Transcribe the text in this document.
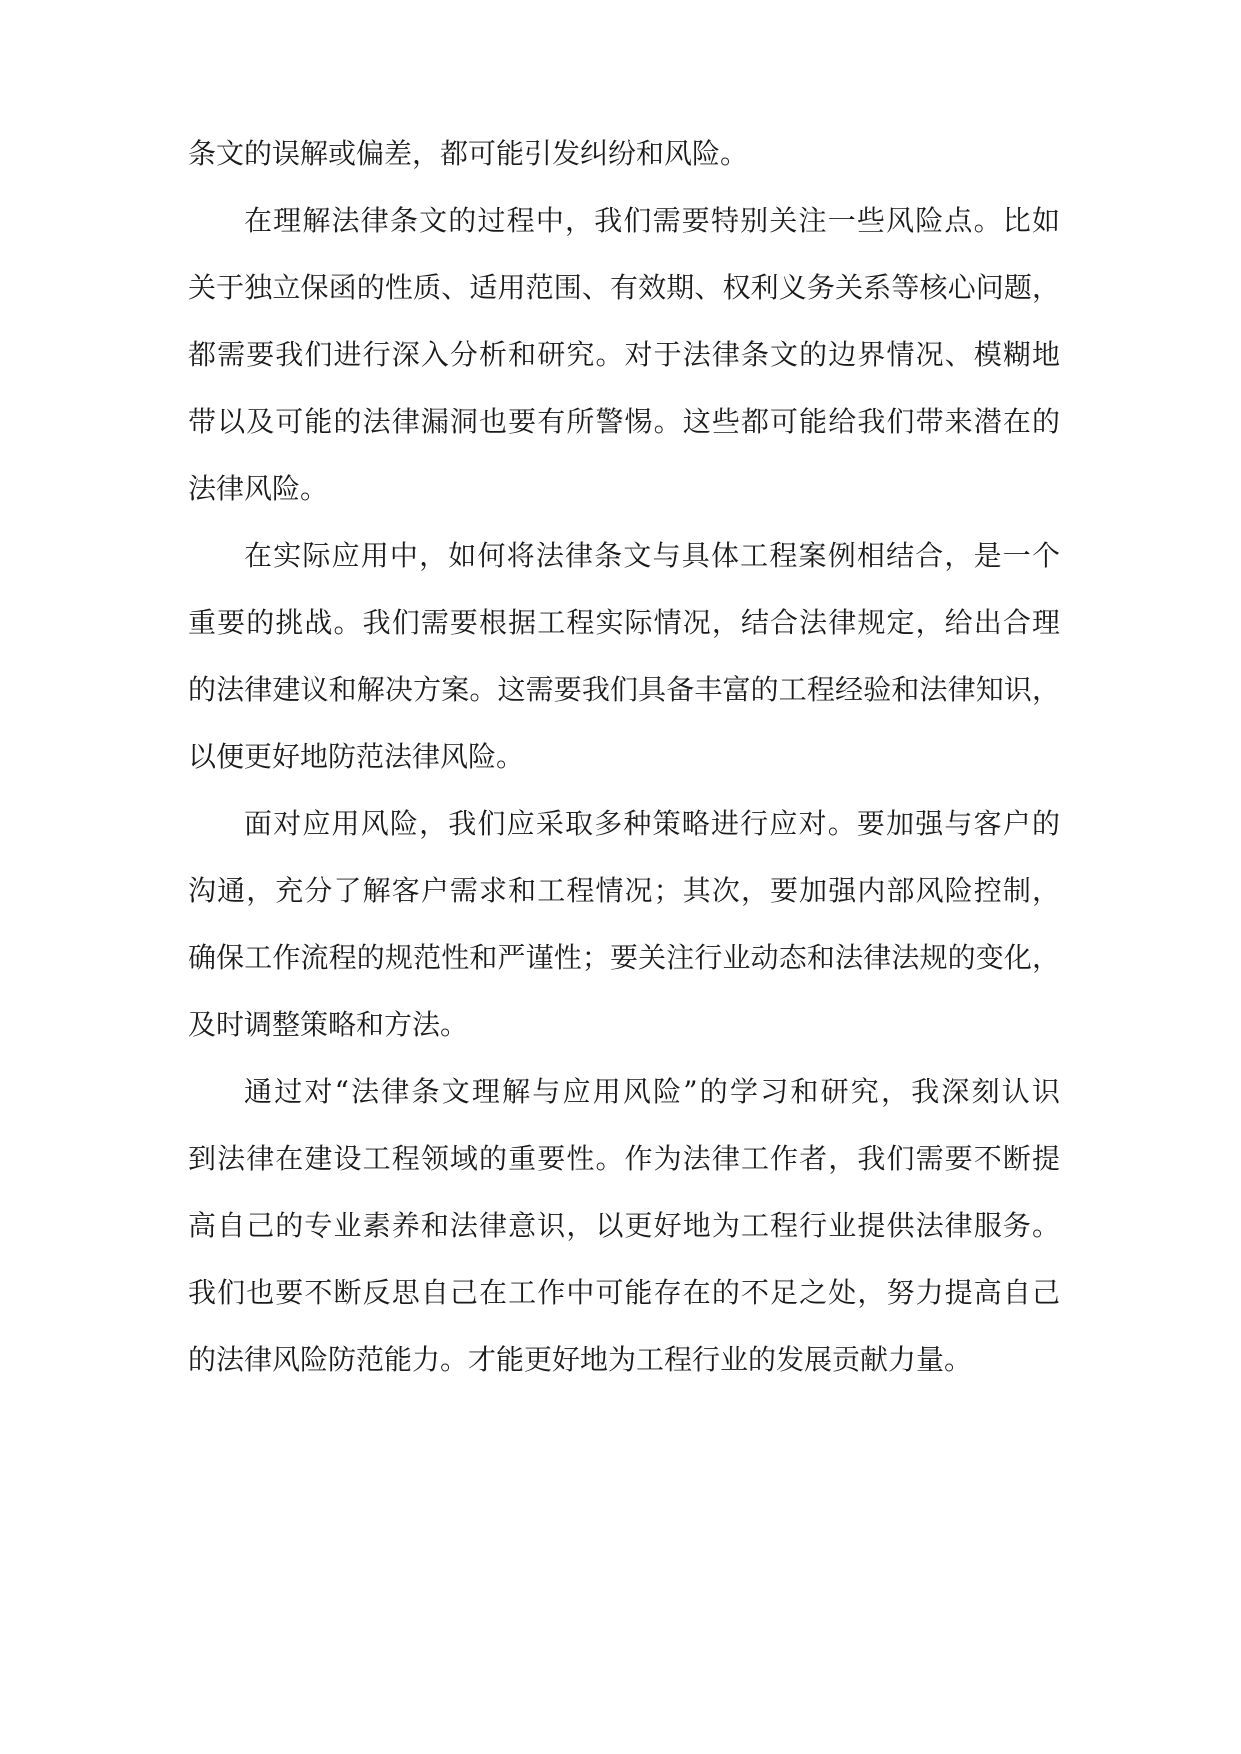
条文的误解或偏差，都可能引发纠纷和风险。
在理解法律条文的过程中，我们需要特别关注一些风险点。比如
关于独立保函的性质、适用范围、有效期、权利义务关系等核心问题，
都需要我们进行深入分析和研究。对于法律条文的边界情况、模糊地
带以及可能的法律漏洞也要有所警惕。这些都可能给我们带来潜在的
法律风险。
在实际应用中，如何将法律条文与具体工程案例相结合，是一个
重要的挑战。我们需要根据工程实际情况，结合法律规定，给出合理
的法律建议和解决方案。这需要我们具备丰富的工程经验和法律知识，
以便更好地防范法律风险。
面对应用风险，我们应采取多种策略进行应对。要加强与客户的
沟通，充分了解客户需求和工程情况；其次，要加强内部风险控制，
确保工作流程的规范性和严谨性；要关注行业动态和法律法规的变化，
及时调整策略和方法。
通过对“法律条文理解与应用风险”的学习和研究，我深刻认识
到法律在建设工程领域的重要性。作为法律工作者，我们需要不断提
高自己的专业素养和法律意识，以更好地为工程行业提供法律服务。
我们也要不断反思自己在工作中可能存在的不足之处，努力提高自己
的法律风险防范能力。才能更好地为工程行业的发展贡献力量。
